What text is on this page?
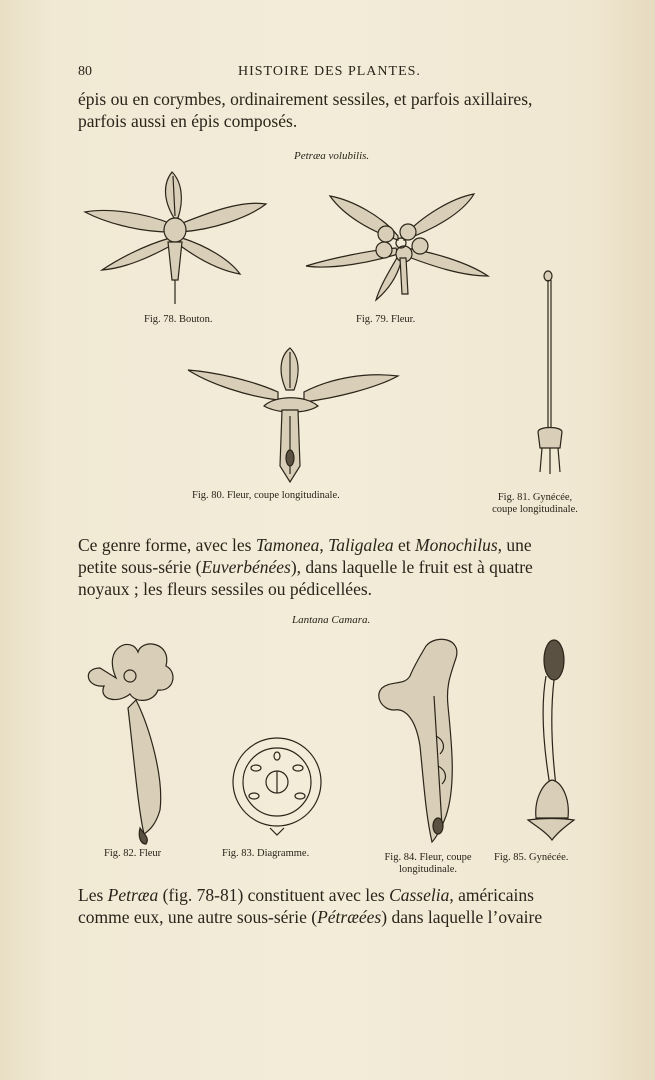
80	HISTOIRE DES PLANTES.

épis ou en corymbes, ordinairement sessiles, et parfois axillaires,

parfois aussi en épis composés.

Petræa volubilis.
Fig. 78. Bouton.	Fig. 79. Fleur.
Fig. 80. Fleur, coupe longitudinale.	Fig. 81. Gynécée,
coupe longitudinale.

Ce genre forme, avec les Tamonea, Taligalea et Monochilus, une

petite sous-série (Euverbénées), dans laquelle le fruit est à quatre

noyaux ; les fleurs sessiles ou pédicellées.

Lantana Camara.
Fig. 82. Fleur	Fig. 83. Diagramme.	Fig. 84. Fleur, coupe
longitudinale.
Fig. 85. Gynécée.

Les Petræa (fig. 78-81) constituent avec les Casselia, américains

comme eux, une autre sous-série (Pétræées) dans laquelle l’ovaire
